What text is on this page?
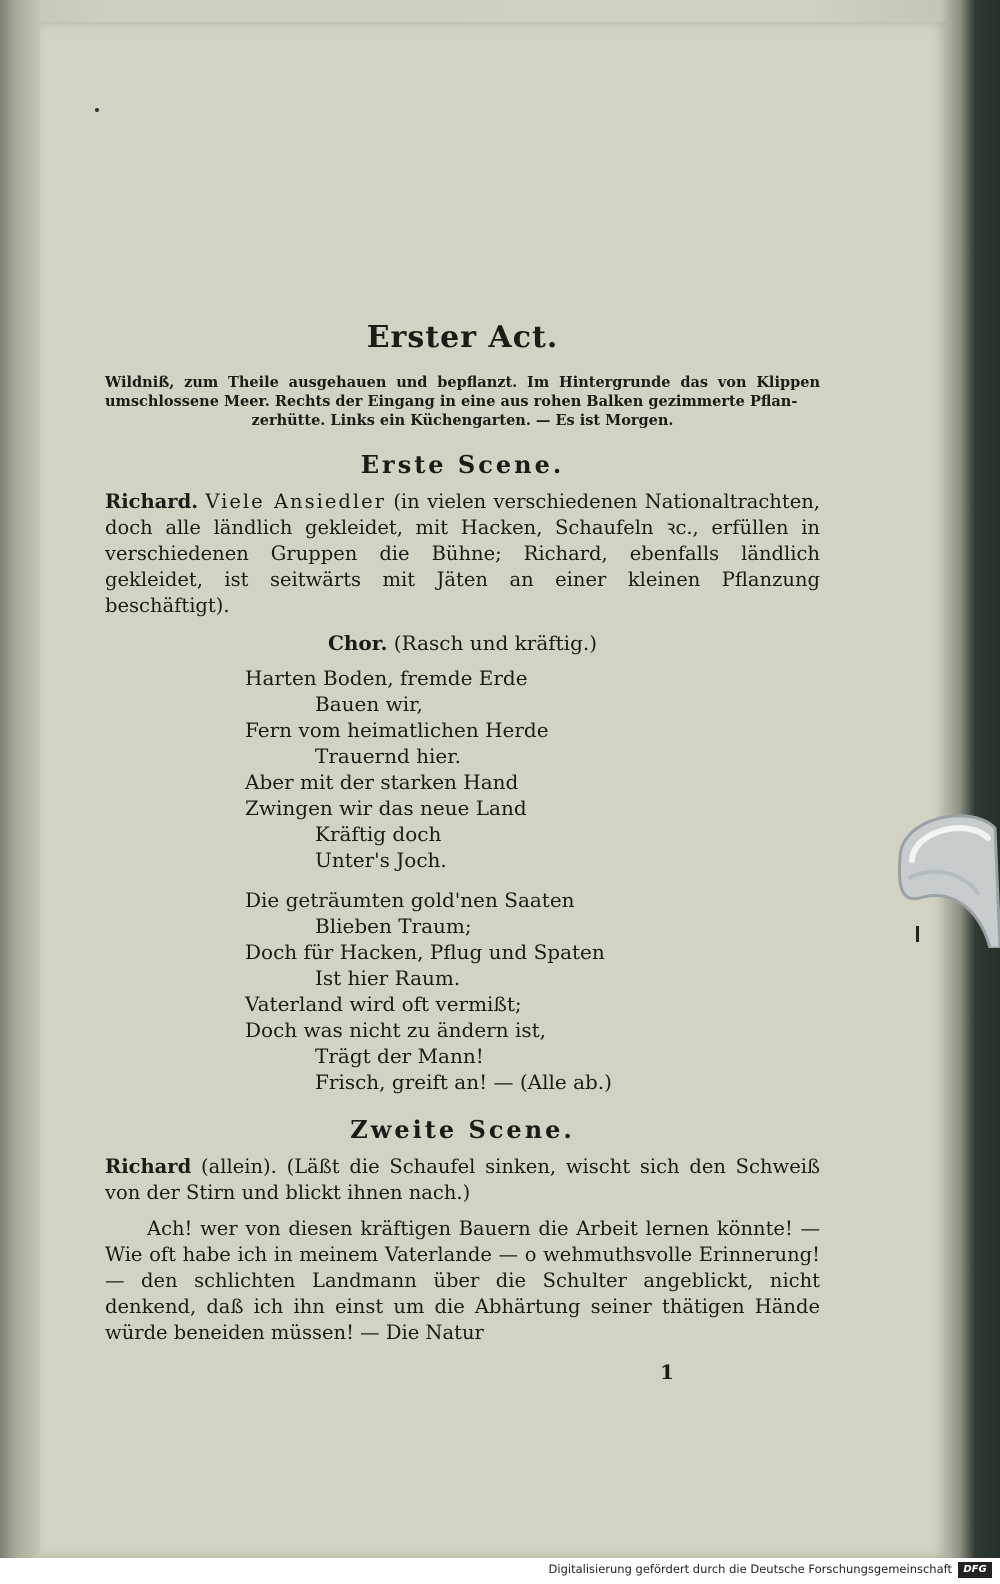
Erster Act.

Wildniß, zum Theile ausgehauen und bepflanzt. Im Hintergrunde das von Klippen umschlossene Meer. Rechts der Eingang in eine aus rohen Balken gezimmerte Pflan-
zerhütte. Links ein Küchengarten. — Es ist Morgen.

Erste Scene.

Richard. Viele Ansiedler (in vielen verschiedenen Nationaltrachten, doch alle ländlich gekleidet, mit Hacken, Schaufeln ꝛc., erfüllen in verschiedenen Gruppen die Bühne; Richard, ebenfalls ländlich gekleidet, ist seitwärts mit Jäten an einer kleinen Pflanzung beschäftigt).

Chor. (Rasch und kräftig.)
Harten Boden, fremde Erde
Bauen wir,
Fern vom heimatlichen Herde
Trauernd hier.
Aber mit der starken Hand
Zwingen wir das neue Land
Kräftig doch
Unter's Joch.
Die geträumten gold'nen Saaten
Blieben Traum;
Doch für Hacken, Pflug und Spaten
Ist hier Raum.
Vaterland wird oft vermißt;
Doch was nicht zu ändern ist,
Trägt der Mann!
Frisch, greift an! — (Alle ab.)
Zweite Scene.

Richard (allein). (Läßt die Schaufel sinken, wischt sich den Schweiß von der Stirn und blickt ihnen nach.)

Ach! wer von diesen kräftigen Bauern die Arbeit lernen könnte! — Wie oft habe ich in meinem Vaterlande — o wehmuthsvolle Erinnerung! — den schlichten Landmann über die Schulter angeblickt, nicht denkend, daß ich ihn einst um die Abhärtung seiner thätigen Hände würde beneiden müssen! — Die Natur

1
Digitalisierung gefördert durch die Deutsche Forschungsgemeinschaft	DFG
